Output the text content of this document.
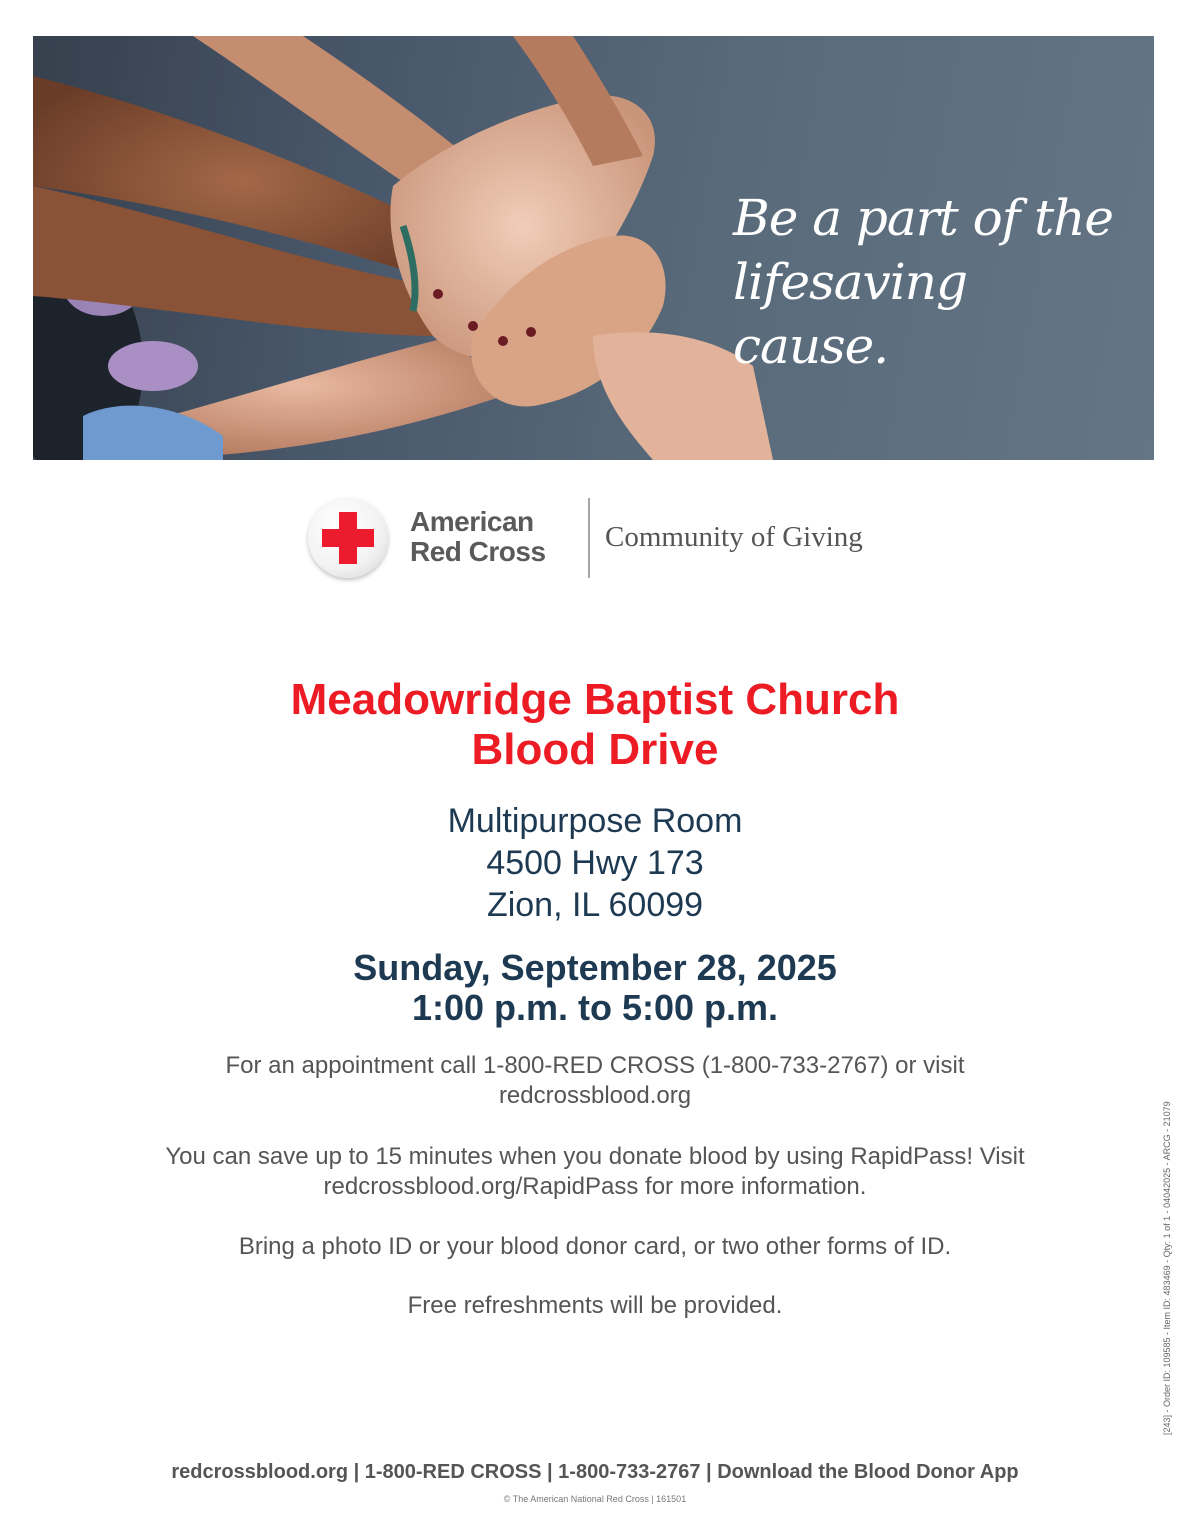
Be a part of the
lifesaving cause.
American
Red Cross Community of Giving
Meadowridge Baptist Church
Blood Drive
Multipurpose Room
4500 Hwy 173
Zion, IL 60099
Sunday, September 28, 2025
1:00 p.m. to 5:00 p.m.
For an appointment call 1-800-RED CROSS (1-800-733-2767) or visit
redcrossblood.org
You can save up to 15 minutes when you donate blood by using RapidPass! Visit
redcrossblood.org/RapidPass for more information.
Bring a photo ID or your blood donor card, or two other forms of ID.
Free refreshments will be provided.
redcrossblood.org | 1-800-RED CROSS | 1-800-733-2767 | Download the Blood Donor App
© The American National Red Cross | 161501
[243] - Order ID: 109585 - Item ID: 483469 - Qty: 1 of 1 - 04042025 - ARCG - 21079
